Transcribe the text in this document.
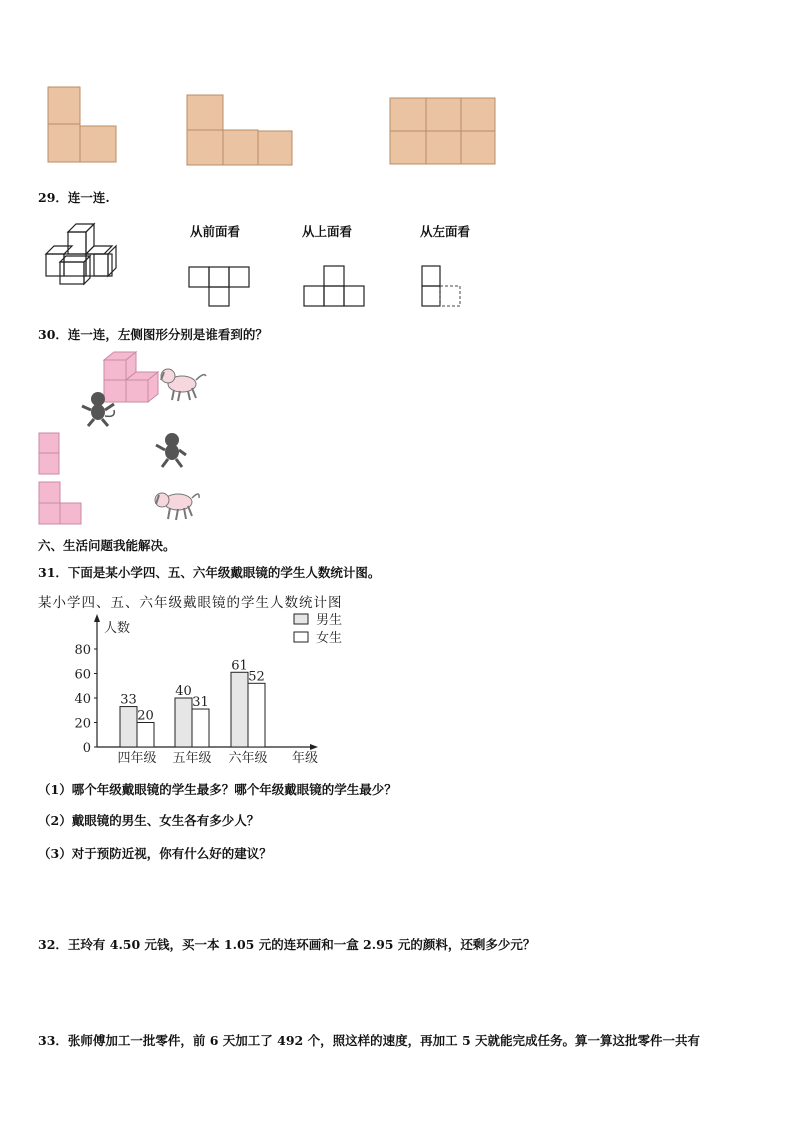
29．连一连.
从前面看	从上面看	从左面看
30．连一连，左侧图形分别是谁看到的？
六、生活问题我能解决。
31．下面是某小学四、五、六年级戴眼镜的学生人数统计图。
某小学四、五、六年级戴眼镜的学生人数统计图
人数
年级
男生
女生
0
20
40
60
80
33
20
四年级
40
31
五年级
61
52
六年级
（1）哪个年级戴眼镜的学生最多？哪个年级戴眼镜的学生最少？
（2）戴眼镜的男生、女生各有多少人？
（3）对于预防近视，你有什么好的建议？
32．王玲有 4.50 元钱，买一本 1.05 元的连环画和一盒 2.95 元的颜料，还剩多少元？
33．张师傅加工一批零件，前 6 天加工了 492 个，照这样的速度，再加工 5 天就能完成任务。算一算这批零件一共有
